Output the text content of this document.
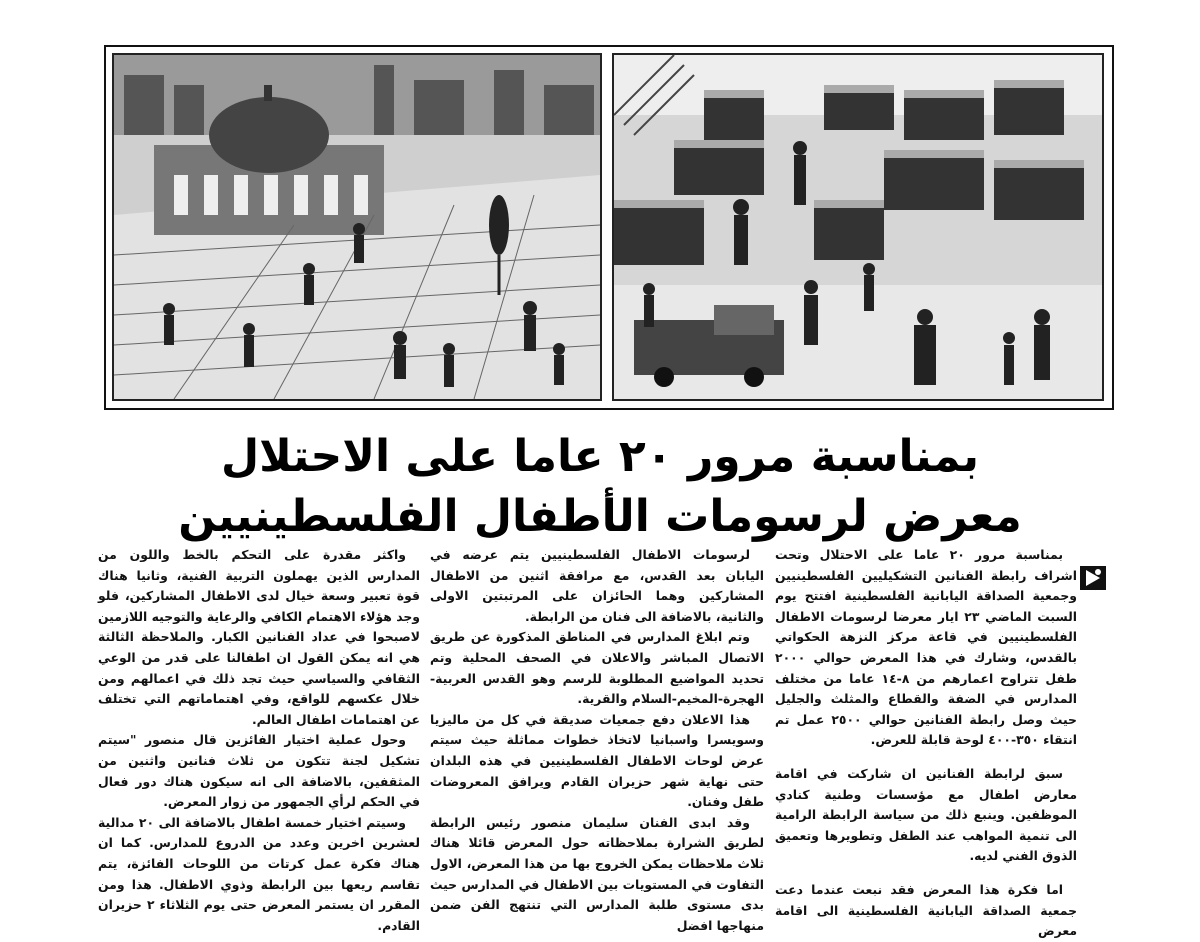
بمناسبة مرور ٢٠ عاما على الاحتلال
معرض لرسومات الأطفال الفلسطينيين

بمناسبة مرور ٢٠ عاما على الاحتلال وتحت اشراف رابطة الفنانين التشكيليين الفلسطينيين وجمعية الصداقة اليابانية الفلسطينية افتتح يوم السبت الماضي ٢٣ ايار معرضا لرسومات الاطفال الفلسطينيين في قاعة مركز النزهة الحكواتي بالقدس، وشارك في هذا المعرض حوالي ٢٠٠٠ طفل تتراوح اعمارهم من ٨-١٤ عاما من مختلف المدارس في الضفة والقطاع والمثلث والجليل حيث وصل رابطة الفنانين حوالي ٢٥٠٠ عمل تم انتقاء ٣٥٠-٤٠٠ لوحة قابلة للعرض.

سبق لرابطة الفنانين ان شاركت في اقامة معارض اطفال مع مؤسسات وطنية كنادي الموظفين. وينبع ذلك من سياسة الرابطة الرامية الى تنمية المواهب عند الطفل وتطويرها وتعميق الذوق الفني لديه.

اما فكرة هذا المعرض فقد نبعت عندما دعت جمعية الصداقة اليابانية الفلسطينية الى اقامة معرض

لرسومات الاطفال الفلسطينيين يتم عرضه في اليابان بعد القدس، مع مرافقة اثنين من الاطفال المشاركين وهما الحائزان على المرتبتين الاولى والثانية، بالاضافة الى فنان من الرابطة.

وتم ابلاغ المدارس في المناطق المذكورة عن طريق الاتصال المباشر والاعلان في الصحف المحلية وتم تحديد المواضيع المطلوبة للرسم وهو القدس العربية-الهجرة-المخيم-السلام والقرية.

هذا الاعلان دفع جمعيات صديقة في كل من ماليزيا وسويسرا واسبانيا لاتخاذ خطوات مماثلة حيث سيتم عرض لوحات الاطفال الفلسطينيين في هذه البلدان حتى نهاية شهر حزيران القادم ويرافق المعروضات طفل وفنان.

وقد ابدى الفنان سليمان منصور رئيس الرابطة لطريق الشرارة بملاحظاته حول المعرض قائلا هناك ثلاث ملاحظات يمكن الخروج بها من هذا المعرض، الاول التفاوت في المستويات بين الاطفال في المدارس حيث بدى مستوى طلبة المدارس التي تنتهج الفن ضمن منهاجها افضل

واكثر مقدرة على التحكم بالخط واللون من المدارس الذين يهملون التربية الفنية، وثانيا هناك قوة تعبير وسعة خيال لدى الاطفال المشاركين، فلو وجد هؤلاء الاهتمام الكافي والرعاية والتوجيه اللازمين لاصبحوا في عداد الفنانين الكبار. والملاحظة الثالثة هي انه يمكن القول ان اطفالنا على قدر من الوعي الثقافي والسياسي حيث تجد ذلك في اعمالهم ومن خلال عكسهم للواقع، وفي اهتماماتهم التي تختلف عن اهتمامات اطفال العالم.

وحول عملية اختيار الفائزين قال منصور "سيتم تشكيل لجنة تتكون من ثلاث فنانين واثنين من المثقفين، بالاضافة الى انه سيكون هناك دور فعال في الحكم لرأي الجمهور من زوار المعرض.

وسيتم اختيار خمسة اطفال بالاضافة الى ٢٠ مدالية لعشرين اخرين وعدد من الدروع للمدارس. كما ان هناك فكرة عمل كرتات من اللوحات الفائزة، يتم تقاسم ريعها بين الرابطة وذوي الاطفال. هذا ومن المقرر ان يستمر المعرض حتى يوم الثلاثاء ٢ حزيران القادم.
